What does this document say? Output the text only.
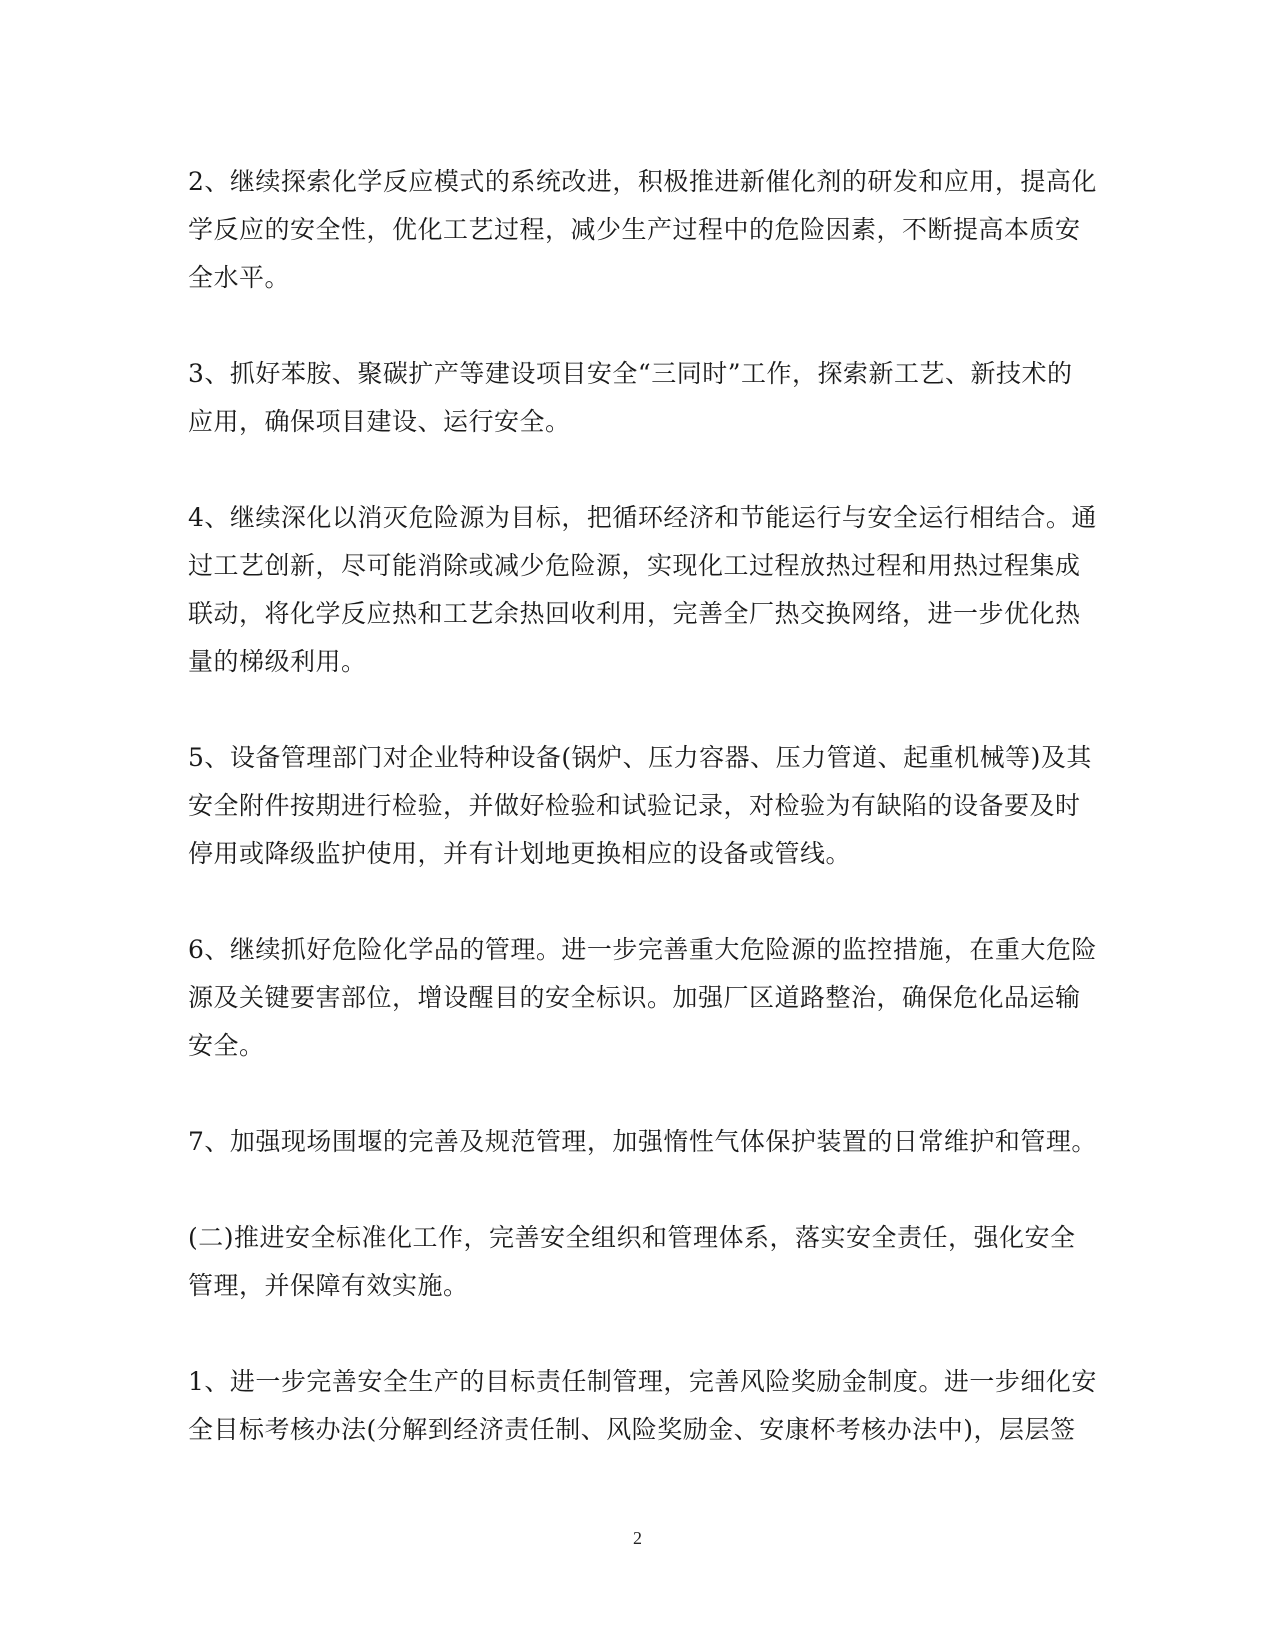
2、继续探索化学反应模式的系统改进，积极推进新催化剂的研发和应用，提高化
学反应的安全性，优化工艺过程，减少生产过程中的危险因素，不断提高本质安
全水平。

3、抓好苯胺、聚碳扩产等建设项目安全“三同时”工作，探索新工艺、新技术的
应用，确保项目建设、运行安全。

4、继续深化以消灭危险源为目标，把循环经济和节能运行与安全运行相结合。通
过工艺创新，尽可能消除或减少危险源，实现化工过程放热过程和用热过程集成
联动，将化学反应热和工艺余热回收利用，完善全厂热交换网络，进一步优化热
量的梯级利用。

5、设备管理部门对企业特种设备(锅炉、压力容器、压力管道、起重机械等)及其
安全附件按期进行检验，并做好检验和试验记录，对检验为有缺陷的设备要及时
停用或降级监护使用，并有计划地更换相应的设备或管线。

6、继续抓好危险化学品的管理。进一步完善重大危险源的监控措施，在重大危险
源及关键要害部位，增设醒目的安全标识。加强厂区道路整治，确保危化品运输
安全。

7、加强现场围堰的完善及规范管理，加强惰性气体保护装置的日常维护和管理。

(二)推进安全标准化工作，完善安全组织和管理体系，落实安全责任，强化安全
管理，并保障有效实施。

1、进一步完善安全生产的目标责任制管理，完善风险奖励金制度。进一步细化安
全目标考核办法(分解到经济责任制、风险奖励金、安康杯考核办法中)，层层签

2
